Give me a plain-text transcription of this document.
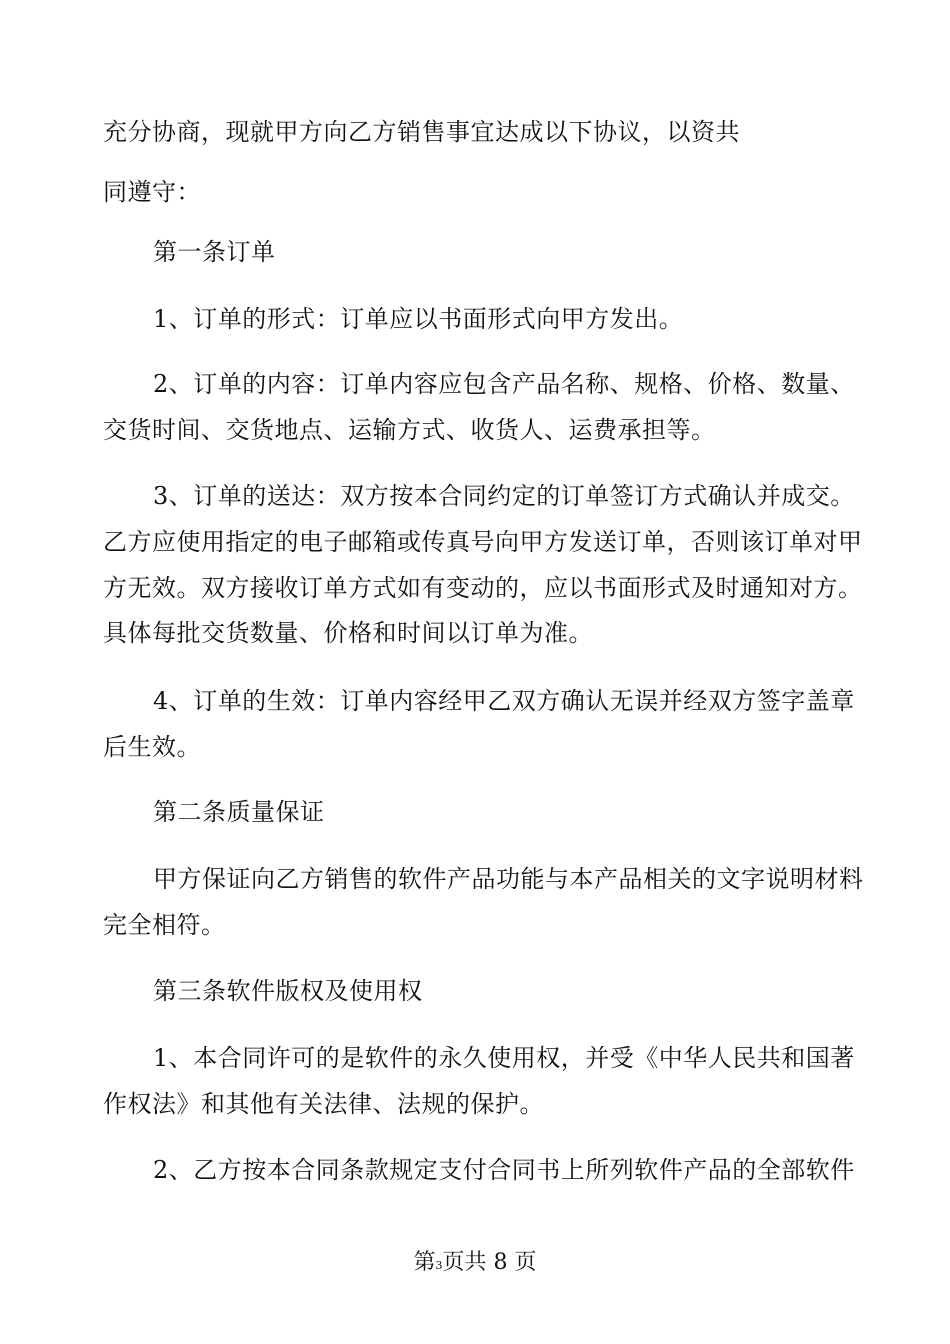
充分协商，现就甲方向乙方销售事宜达成以下协议，以资共
同遵守：
第一条订单
1、订单的形式：订单应以书面形式向甲方发出。
2、订单的内容：订单内容应包含产品名称、规格、价格、数量、
交货时间、交货地点、运输方式、收货人、运费承担等。
3、订单的送达：双方按本合同约定的订单签订方式确认并成交。
乙方应使用指定的电子邮箱或传真号向甲方发送订单，否则该订单对甲
方无效。双方接收订单方式如有变动的，应以书面形式及时通知对方。
具体每批交货数量、价格和时间以订单为准。
4、订单的生效：订单内容经甲乙双方确认无误并经双方签字盖章
后生效。
第二条质量保证
甲方保证向乙方销售的软件产品功能与本产品相关的文字说明材料
完全相符。
第三条软件版权及使用权
1、本合同许可的是软件的永久使用权，并受《中华人民共和国著
作权法》和其他有关法律、法规的保护。
2、乙方按本合同条款规定支付合同书上所列软件产品的全部软件
第3页共 8 页
